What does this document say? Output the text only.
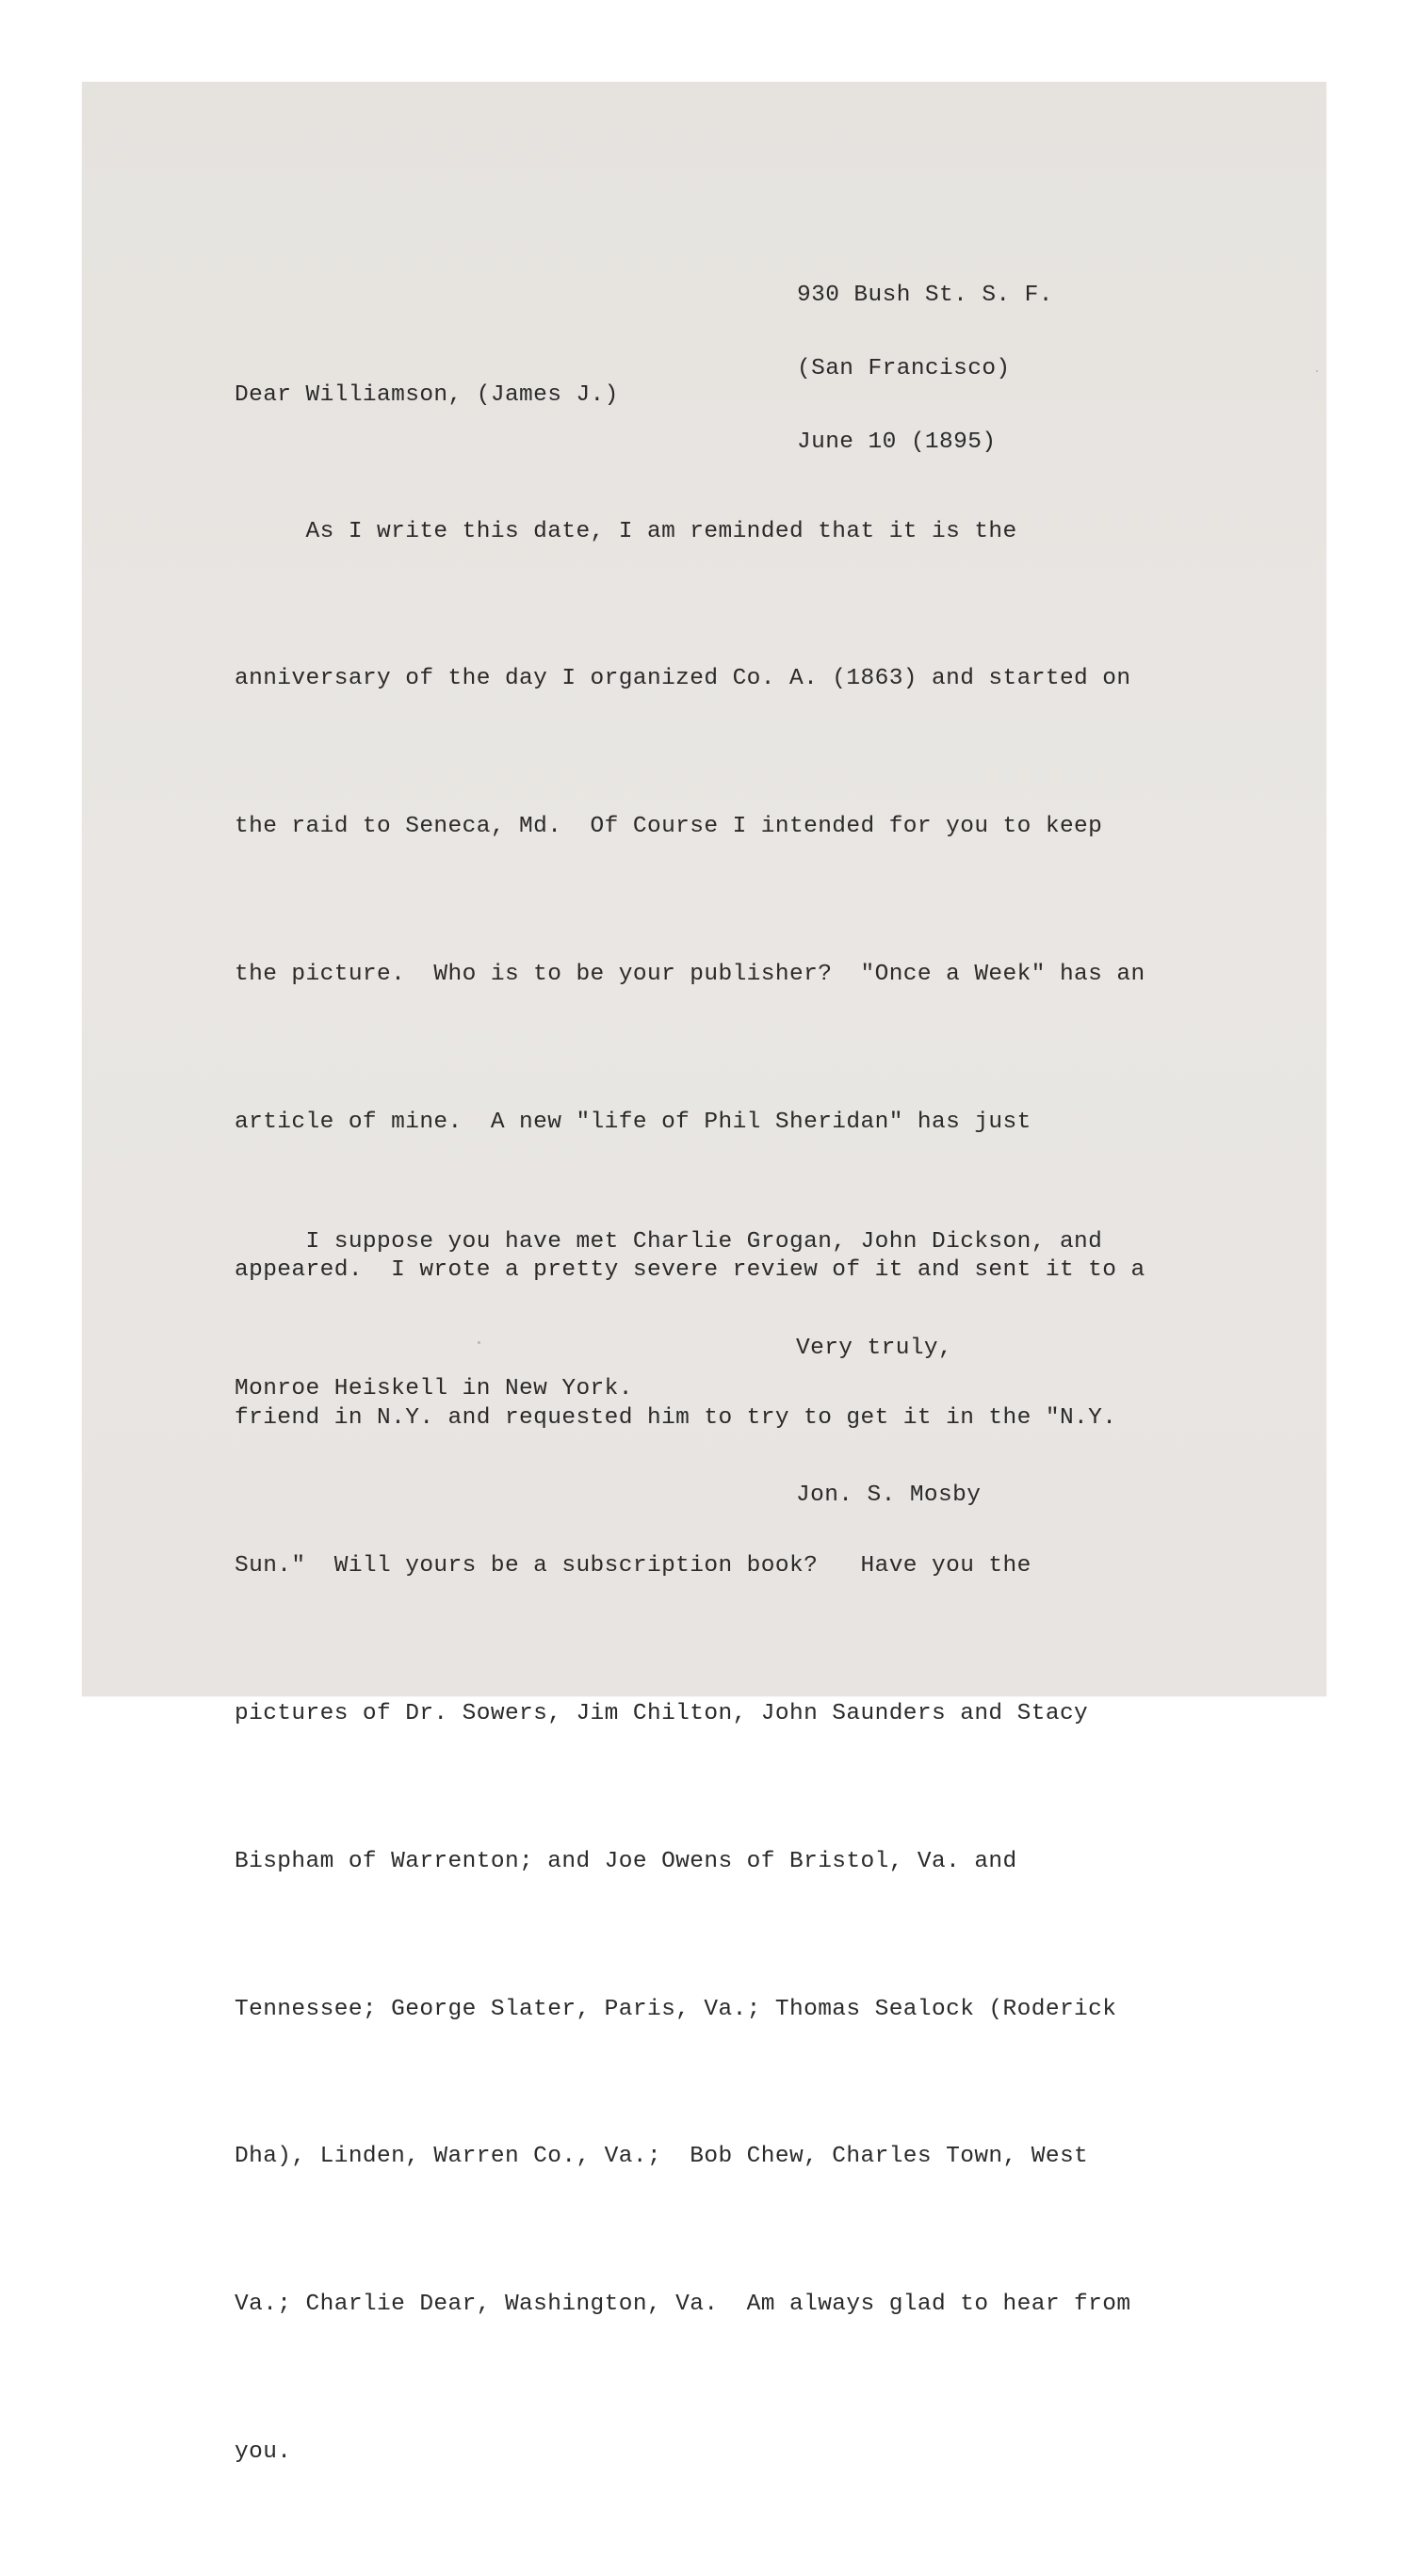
930 Bush St. S. F.

(San Francisco)

June 10 (1895)

Dear Williamson, (James J.)

As I write this date, I am reminded that it is the

anniversary of the day I organized Co. A. (1863) and started on

the raid to Seneca, Md.  Of Course I intended for you to keep

the picture.  Who is to be your publisher?  "Once a Week" has an

article of mine.  A new "life of Phil Sheridan" has just

appeared.  I wrote a pretty severe review of it and sent it to a

friend in N.Y. and requested him to try to get it in the "N.Y.

Sun."  Will yours be a subscription book?   Have you the

pictures of Dr. Sowers, Jim Chilton, John Saunders and Stacy

Bispham of Warrenton; and Joe Owens of Bristol, Va. and

Tennessee; George Slater, Paris, Va.; Thomas Sealock (Roderick

Dha), Linden, Warren Co., Va.;  Bob Chew, Charles Town, West

Va.; Charlie Dear, Washington, Va.  Am always glad to hear from

you.

I suppose you have met Charlie Grogan, John Dickson, and

Monroe Heiskell in New York.

Very truly,

Jon. S. Mosby
